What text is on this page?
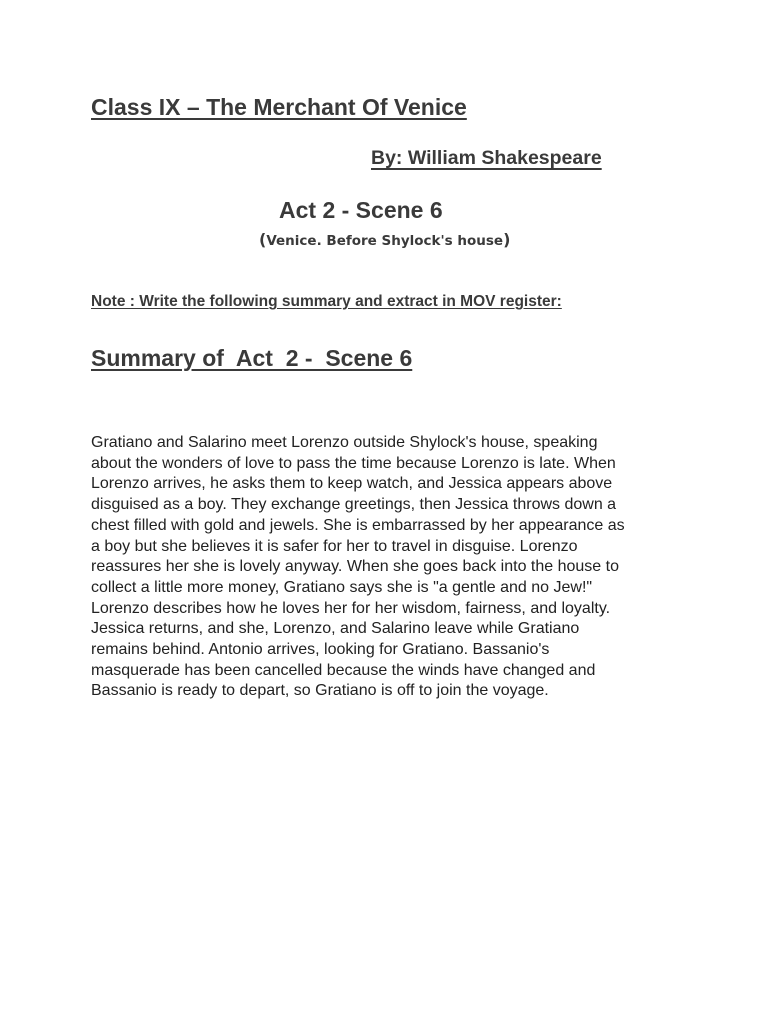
Class IX – The Merchant Of Venice
By: William Shakespeare
Act 2 - Scene 6
(Venice. Before Shylock's house)
Note : Write the following summary and extract in MOV register:
Summary of  Act  2 -  Scene 6
Gratiano and Salarino meet Lorenzo outside Shylock's house, speaking
about the wonders of love to pass the time because Lorenzo is late. When
Lorenzo arrives, he asks them to keep watch, and Jessica appears above
disguised as a boy. They exchange greetings, then Jessica throws down a
chest filled with gold and jewels. She is embarrassed by her appearance as
a boy but she believes it is safer for her to travel in disguise. Lorenzo
reassures her she is lovely anyway. When she goes back into the house to
collect a little more money, Gratiano says she is "a gentle and no Jew!"
Lorenzo describes how he loves her for her wisdom, fairness, and loyalty.
Jessica returns, and she, Lorenzo, and Salarino leave while Gratiano
remains behind. Antonio arrives, looking for Gratiano. Bassanio's
masquerade has been cancelled because the winds have changed and
Bassanio is ready to depart, so Gratiano is off to join the voyage.
